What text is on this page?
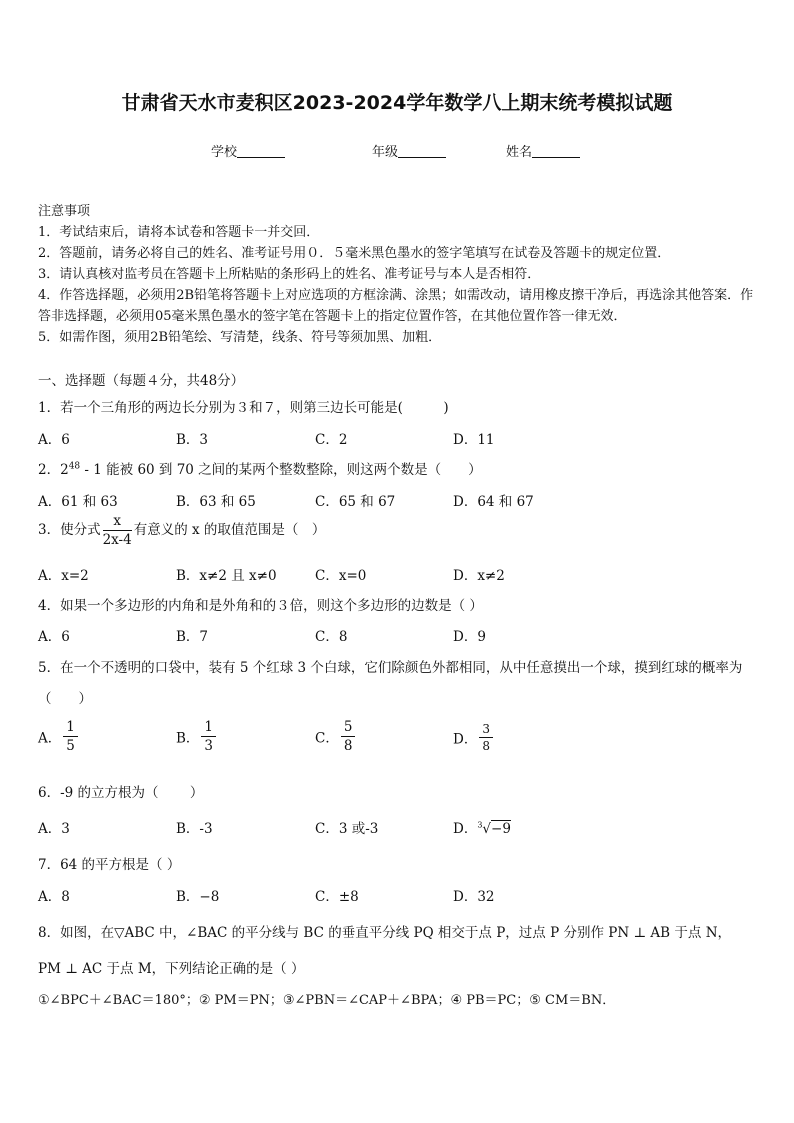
甘肃省天水市麦积区2023-2024学年数学八上期末统考模拟试题
学校	年级	姓名
注意事项
1．考试结束后，请将本试卷和答题卡一并交回．
2．答题前，请务必将自己的姓名、准考证号用０．５毫米黑色墨水的签字笔填写在试卷及答题卡的规定位置．
3．请认真核对监考员在答题卡上所粘贴的条形码上的姓名、准考证号与本人是否相符．
4．作答选择题，必须用2B铅笔将答题卡上对应选项的方框涂满、涂黑；如需改动，请用橡皮擦干净后，再选涂其他答案．作答非选择题，必须用05毫米黑色墨水的签字笔在答题卡上的指定位置作答，在其他位置作答一律无效．
5．如需作图，须用2B铅笔绘、写清楚，线条、符号等须加黑、加粗．
一、选择题（每题４分，共48分）
1．若一个三角形的两边长分别为３和７，则第三边长可能是(　　　)
A．6	B．3	C．2	D．11
2．$2^{48} - 1$ 能被 60 到 70 之间的某两个整数整除，则这两个数是（　　）
A．61 和 63	B．63 和 65	C．65 和 67	D．64 和 67
3．使分式 $\frac{x}{2x-4}$ 有意义的 x 的取值范围是（　）
A．x=2	B．x≠2 且 x≠0	C．x=0	D．x≠2
4．如果一个多边形的内角和是外角和的３倍，则这个多边形的边数是（ ）
A．6	B．7	C．8	D．9
5．在一个不透明的口袋中，装有 5 个红球 3 个白球，它们除颜色外都相同，从中任意摸出一个球，摸到红球的概率为
（　　）
A． $\frac{1}{5}$	B． $\frac{1}{3}$	C． $\frac{5}{8}$	D． $\frac{3}{8}$
6．-9 的立方根为（　　 ）
A．3	B．-3	C．3 或-3	D．$^3$√−9
7．64 的平方根是（ ）
A．8	B．−8	C．±8	D．32
8．如图，在▽ABC 中，∠BAC 的平分线与 BC 的垂直平分线 PQ 相交于点 P，过点 P 分别作 PN ⊥ AB 于点 N，
PM ⊥ AC 于点 M，下列结论正确的是（ ）
①∠BPC＋∠BAC＝180°；② PM＝PN；③∠PBN＝∠CAP＋∠BPA；④ PB＝PC；⑤ CM＝BN．
